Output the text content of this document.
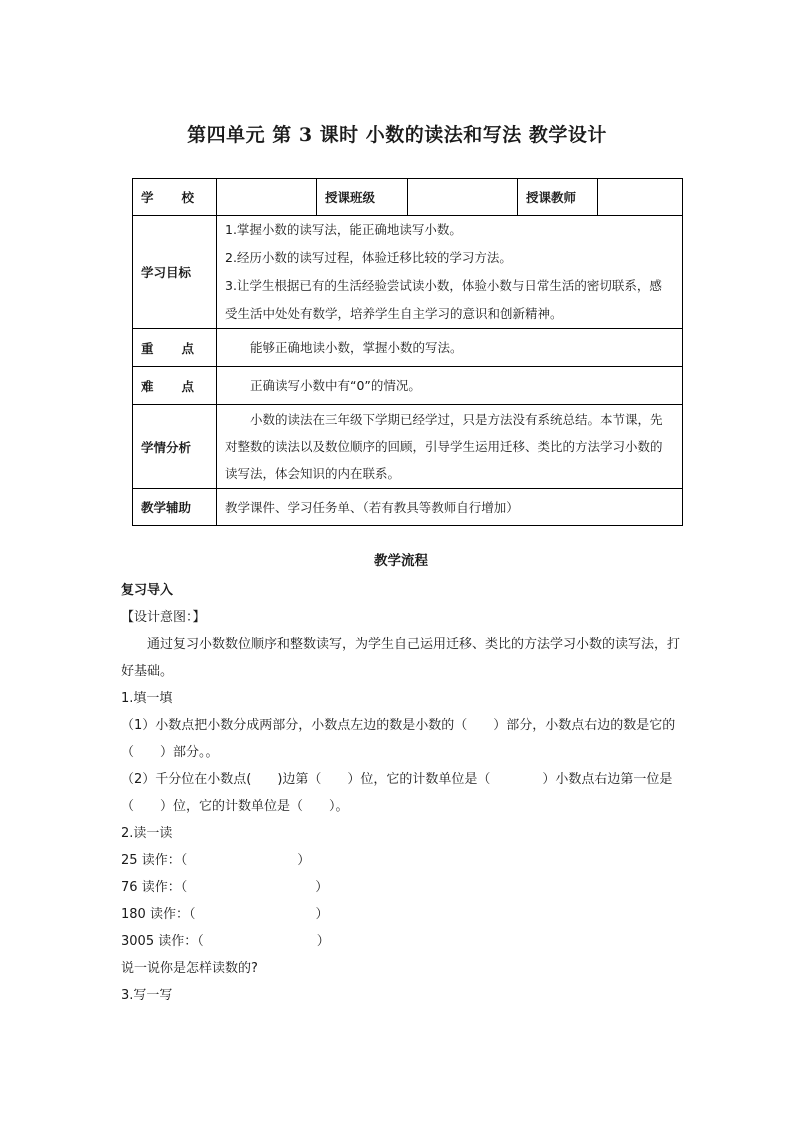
第四单元 第 3 课时 小数的读法和写法 教学设计
学 校		授课班级		授课教师	
学习目标	1.掌握小数的读写法，能正确地读写小数。
2.经历小数的读写过程，体验迁移比较的学习方法。
3.让学生根据已有的生活经验尝试读小数，体验小数与日常生活的密切联系，感受生活中处处有数学，培养学生自主学习的意识和创新精神。				

重 点	能够正确地读小数，掌握小数的写法。				

难 点	正确读写小数中有“0”的情况。				
学情分析	小数的读法在三年级下学期已经学过，只是方法没有系统总结。本节课，先对整数的读法以及数位顺序的回顾，引导学生运用迁移、类比的方法学习小数的读写法，体会知识的内在联系。				
教学辅助	教学课件、学习任务单、（若有教具等教师自行增加）				
教学流程

复习导入

【设计意图：】

通过复习小数数位顺序和整数读写，为学生自己运用迁移、类比的方法学习小数的读写法，打好基础。

1.填一填

（1）小数点把小数分成两部分，小数点左边的数是小数的（　　）部分，小数点右边的数是它的（　　）部分。。

（2）千分位在小数点(　　)边第（　　）位，它的计数单位是（　　　　）小数点右边第一位是（　　）位，它的计数单位是（　　）。

2.读一读

25
读作：（	）
76
读作：（	）
180
读作：（	）
3005
读作：（	）

说一说你是怎样读数的?

3.写一写
